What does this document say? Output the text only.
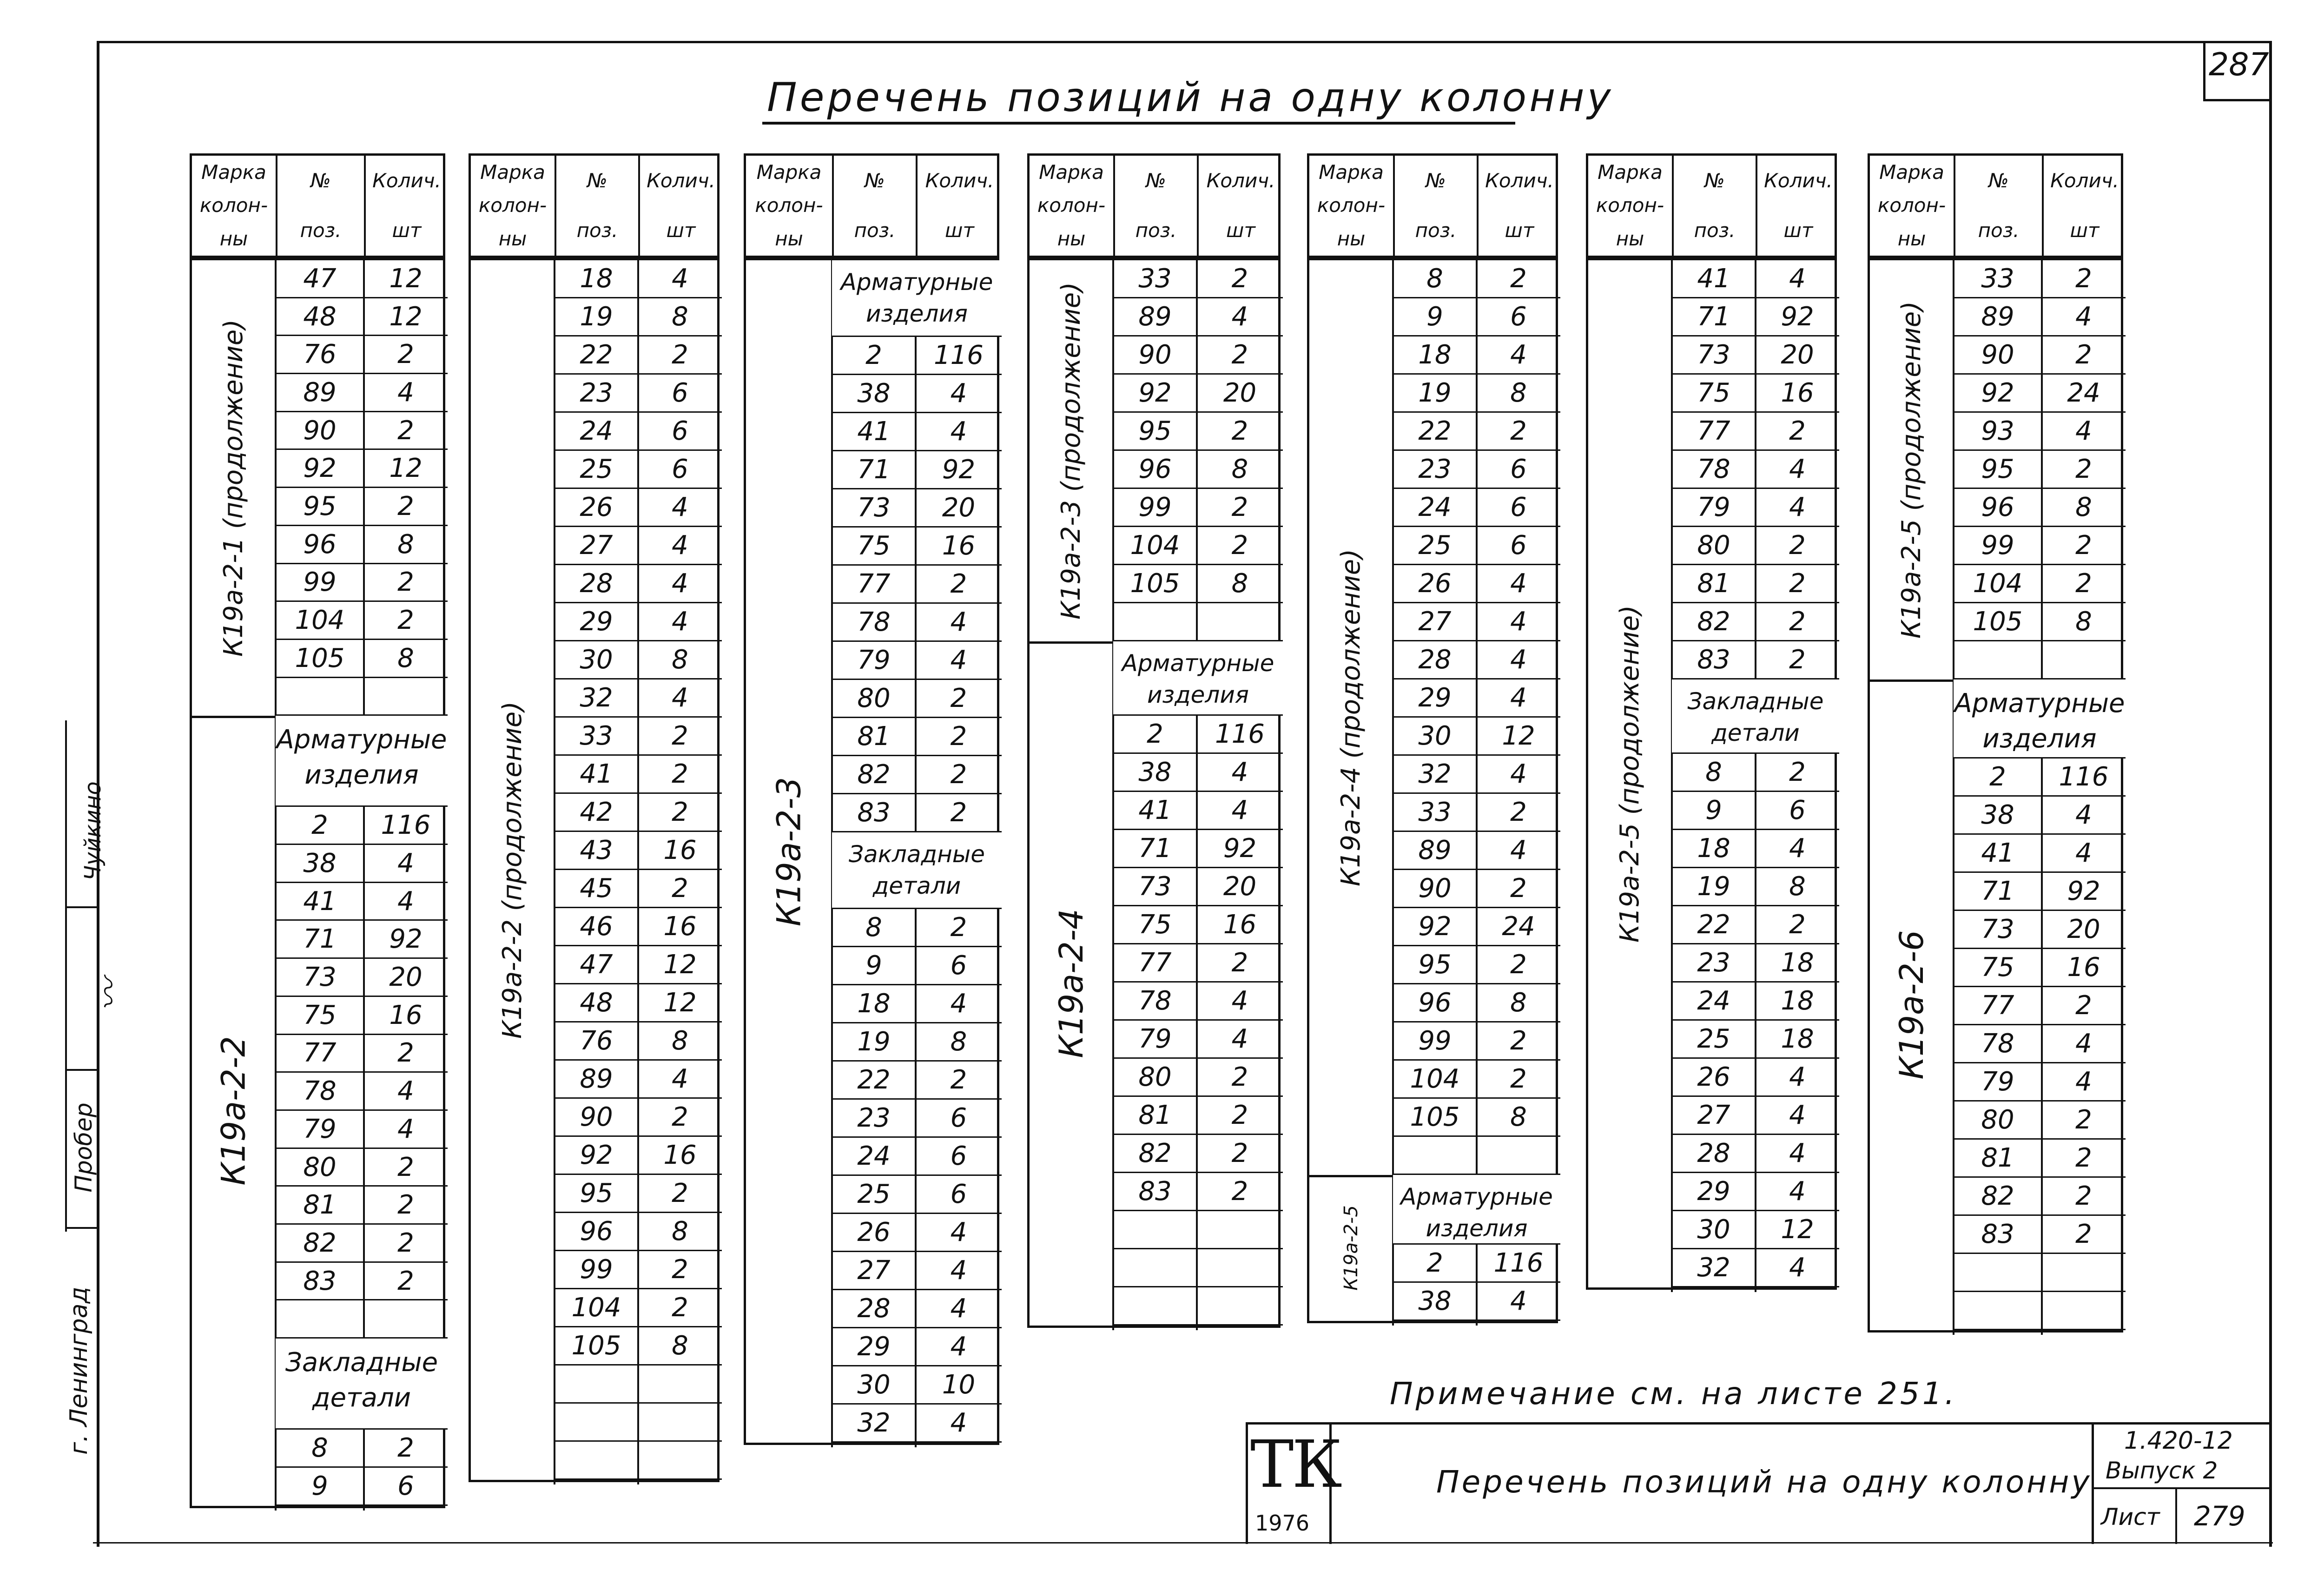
287
Перечень позиций на одну колонну
Марка
колон-
ны
№
поз.
Колич.
шт
К19а-2-1 (продолжение)
47	12
48	12
76	2
89	4
90	2
92	12
95	2
96	8
99	2
104	2
105	8
К19а-2-2
Арматурные изделия
2	116
38	4
41	4
71	92
73	20
75	16
77	2
78	4
79	4
80	2
81	2
82	2
83	2
Закладные детали
8	2
9	6
Марка
колон-
ны
№
поз.
Колич.
шт
К19а-2-2 (продолжение)
18	4
19	8
22	2
23	6
24	6
25	6
26	4
27	4
28	4
29	4
30	8
32	4
33	2
41	2
42	2
43	16
45	2
46	16
47	12
48	12
76	8
89	4
90	2
92	16
95	2
96	8
99	2
104	2
105	8
Марка
колон-
ны
№
поз.
Колич.
шт
К19а-2-3
Арматурные изделия
2	116
38	4
41	4
71	92
73	20
75	16
77	2
78	4
79	4
80	2
81	2
82	2
83	2
Закладные детали
8	2
9	6
18	4
19	8
22	2
23	6
24	6
25	6
26	4
27	4
28	4
29	4
30	10
32	4
Марка
колон-
ны
№
поз.
Колич.
шт
К19а-2-3 (продолжение)
33	2
89	4
90	2
92	20
95	2
96	8
99	2
104	2
105	8
К19а-2-4
Арматурные изделия
2	116
38	4
41	4
71	92
73	20
75	16
77	2
78	4
79	4
80	2
81	2
82	2
83	2
Марка
колон-
ны
№
поз.
Колич.
шт
К19а-2-4 (продолжение)
8	2
9	6
18	4
19	8
22	2
23	6
24	6
25	6
26	4
27	4
28	4
29	4
30	12
32	4
33	2
89	4
90	2
92	24
95	2
96	8
99	2
104	2
105	8
К19а-2-5
Арматурные изделия
2	116
38	4
Марка
колон-
ны
№
поз.
Колич.
шт
К19а-2-5 (продолжение)
41	4
71	92
73	20
75	16
77	2
78	4
79	4
80	2
81	2
82	2
83	2
Закладные детали
8	2
9	6
18	4
19	8
22	2
23	18
24	18
25	18
26	4
27	4
28	4
29	4
30	12
32	4
Марка
колон-
ны
№
поз.
Колич.
шт
К19а-2-5 (продолжение)
33	2
89	4
90	2
92	24
93	4
95	2
96	8
99	2
104	2
105	8
К19а-2-6
Арматурные изделия
2	116
38	4
41	4
71	92
73	20
75	16
77	2
78	4
79	4
80	2
81	2
82	2
83	2
Примечание см. на листе 251.
ТК
1976
Перечень позиций на одну колонну
1.420-12
Выпуск 2
Лист 279
г. Ленинград
Пробер
Чуйкино
〰
